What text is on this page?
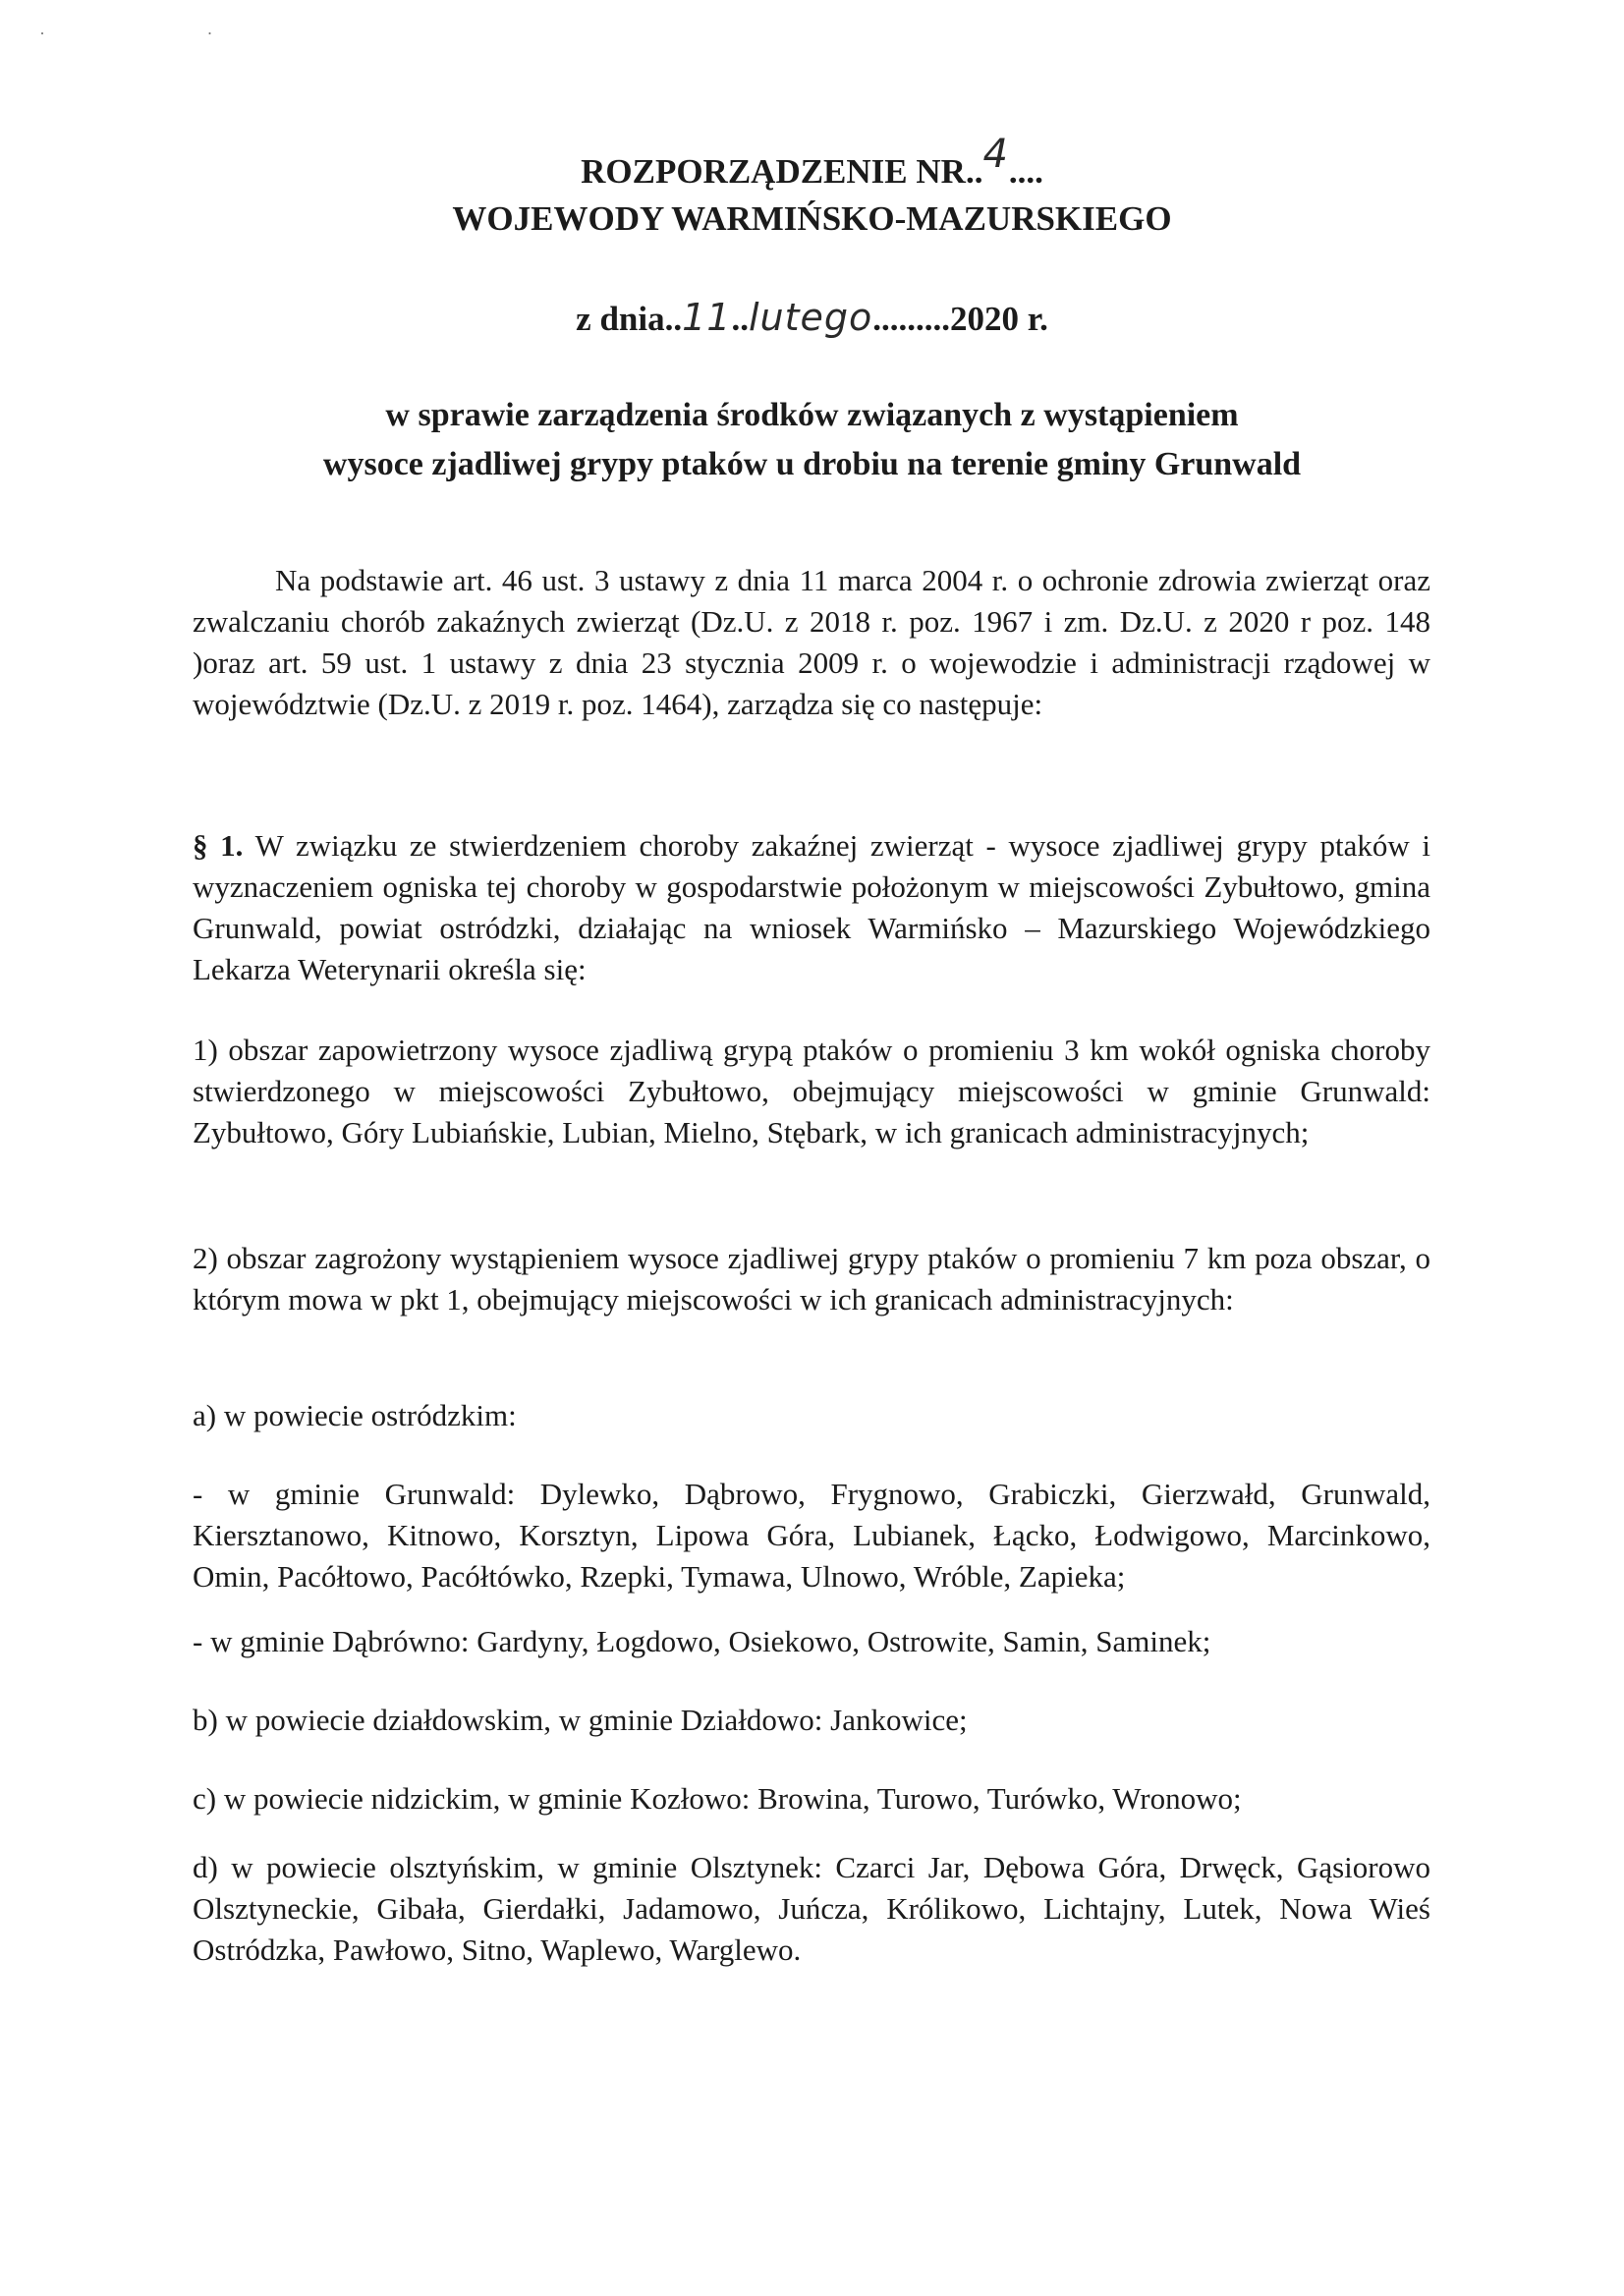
· ·
ROZPORZĄDZENIE NR..4....
WOJEWODY WARMIŃSKO-MAZURSKIEGO
z dnia..11..lutego.........2020 r.
w sprawie zarządzenia środków związanych z wystąpieniem
wysoce zjadliwej grypy ptaków u drobiu na terenie gminy Grunwald

Na podstawie art. 46 ust. 3 ustawy z dnia 11 marca 2004 r. o ochronie zdrowia zwierząt oraz zwalczaniu chorób zakaźnych zwierząt (Dz.U. z 2018 r. poz. 1967 i zm. Dz.U. z 2020 r poz. 148 )oraz art. 59 ust. 1 ustawy z dnia 23 stycznia 2009 r. o wojewodzie i administracji rządowej w województwie (Dz.U. z 2019 r. poz. 1464), zarządza się co następuje:

§ 1. W związku ze stwierdzeniem choroby zakaźnej zwierząt - wysoce zjadliwej grypy ptaków i wyznaczeniem ogniska tej choroby w gospodarstwie położonym w miejscowości Zybułtowo, gmina Grunwald, powiat ostródzki, działając na wniosek Warmińsko – Mazurskiego Wojewódzkiego Lekarza Weterynarii określa się:

1) obszar zapowietrzony wysoce zjadliwą grypą ptaków o promieniu 3 km wokół ogniska choroby stwierdzonego w miejscowości Zybułtowo, obejmujący miejscowości w gminie Grunwald: Zybułtowo, Góry Lubiańskie, Lubian, Mielno, Stębark, w ich granicach administracyjnych;

2) obszar zagrożony wystąpieniem wysoce zjadliwej grypy ptaków o promieniu 7 km poza obszar, o którym mowa w pkt 1, obejmujący miejscowości w ich granicach administracyjnych:

a) w powiecie ostródzkim:

- w gminie Grunwald: Dylewko, Dąbrowo, Frygnowo, Grabiczki, Gierzwałd, Grunwald, Kiersztanowo, Kitnowo, Korsztyn, Lipowa Góra, Lubianek, Łącko, Łodwigowo, Marcinkowo, Omin, Pacółtowo, Pacółtówko, Rzepki, Tymawa, Ulnowo, Wróble, Zapieka;

- w gminie Dąbrówno: Gardyny, Łogdowo, Osiekowo, Ostrowite, Samin, Saminek;

b) w powiecie działdowskim, w gminie Działdowo: Jankowice;

c) w powiecie nidzickim, w gminie Kozłowo: Browina, Turowo, Turówko, Wronowo;

d) w powiecie olsztyńskim, w gminie Olsztynek: Czarci Jar, Dębowa Góra, Drwęck, Gąsiorowo Olsztyneckie, Gibała, Gierdałki, Jadamowo, Juńcza, Królikowo, Lichtajny, Lutek, Nowa Wieś Ostródzka, Pawłowo, Sitno, Waplewo, Warglewo.
